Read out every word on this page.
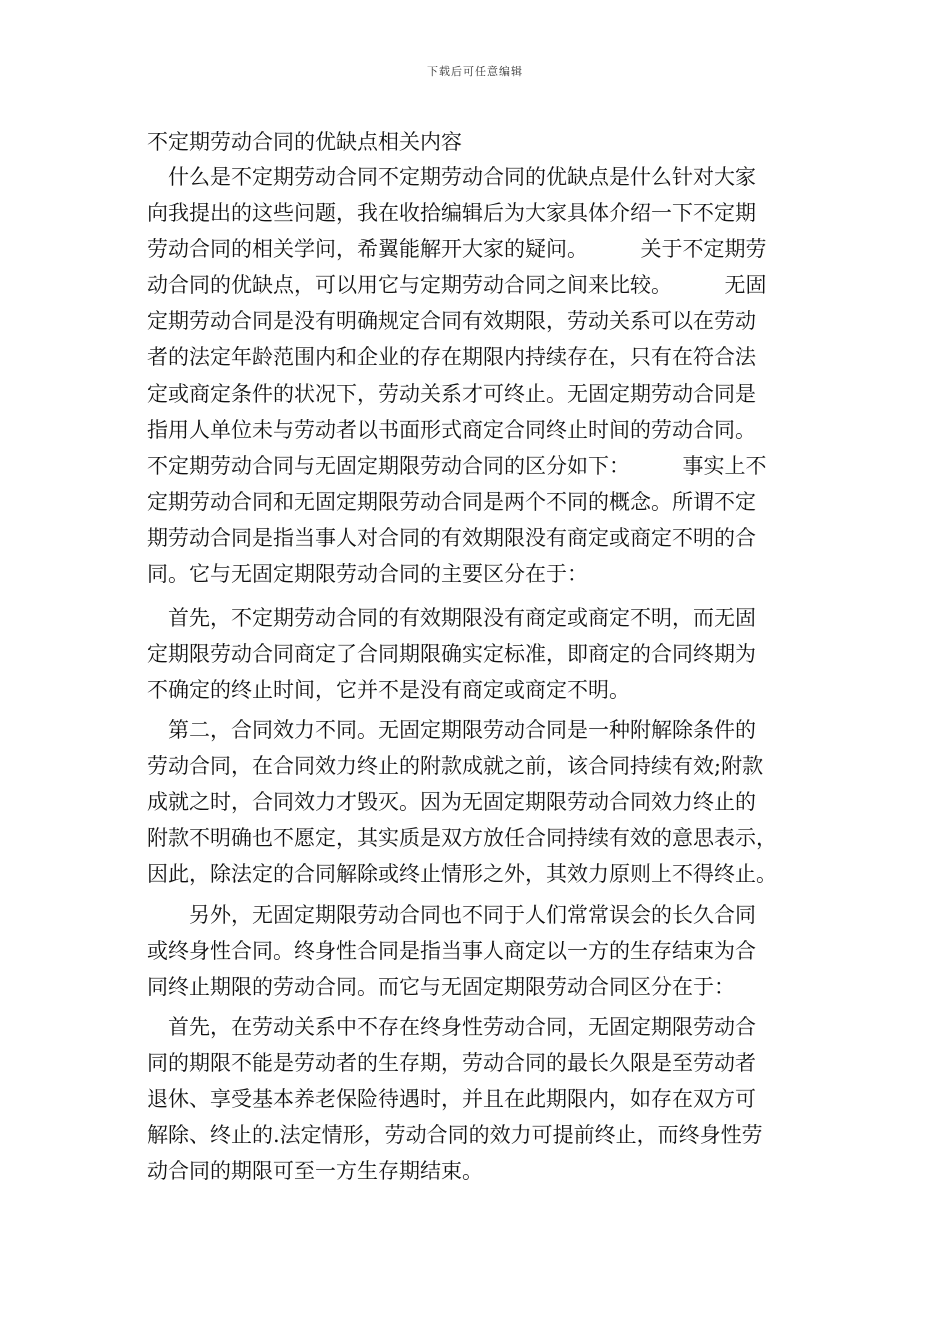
下载后可任意编辑
不定期劳动合同的优缺点相关内容
　什么是不定期劳动合同不定期劳动合同的优缺点是什么针对大家
向我提出的这些问题，我在收拾编辑后为大家具体介绍一下不定期
劳动合同的相关学问，希翼能解开大家的疑问。　　　关于不定期劳
动合同的优缺点，可以用它与定期劳动合同之间来比较。　　　无固
定期劳动合同是没有明确规定合同有效期限，劳动关系可以在劳动
者的法定年龄范围内和企业的存在期限内持续存在，只有在符合法
定或商定条件的状况下，劳动关系才可终止。无固定期劳动合同是
指用人单位未与劳动者以书面形式商定合同终止时间的劳动合同。
不定期劳动合同与无固定期限劳动合同的区分如下：　　　事实上不
定期劳动合同和无固定期限劳动合同是两个不同的概念。所谓不定
期劳动合同是指当事人对合同的有效期限没有商定或商定不明的合
同。它与无固定期限劳动合同的主要区分在于：
　首先，不定期劳动合同的有效期限没有商定或商定不明，而无固
定期限劳动合同商定了合同期限确实定标准，即商定的合同终期为
不确定的终止时间，它并不是没有商定或商定不明。
　第二，合同效力不同。无固定期限劳动合同是一种附解除条件的
劳动合同，在合同效力终止的附款成就之前，该合同持续有效;附款
成就之时，合同效力才毁灭。因为无固定期限劳动合同效力终止的
附款不明确也不愿定，其实质是双方放任合同持续有效的意思表示，
因此，除法定的合同解除或终止情形之外，其效力原则上不得终止。
　　另外，无固定期限劳动合同也不同于人们常常误会的长久合同
或终身性合同。终身性合同是指当事人商定以一方的生存结束为合
同终止期限的劳动合同。而它与无固定期限劳动合同区分在于：
　首先，在劳动关系中不存在终身性劳动合同，无固定期限劳动合
同的期限不能是劳动者的生存期，劳动合同的最长久限是至劳动者
退休、享受基本养老保险待遇时，并且在此期限内，如存在双方可
解除、终止的.法定情形，劳动合同的效力可提前终止，而终身性劳
动合同的期限可至一方生存期结束。
